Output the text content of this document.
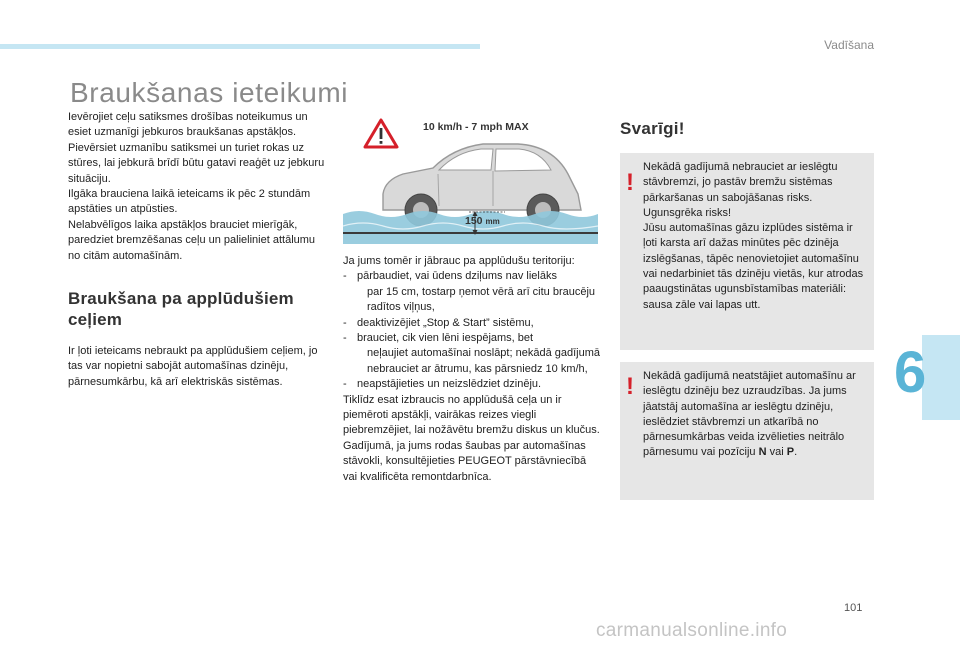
Vadīšana
6
Braukšanas ieteikumi

Ievērojiet ceļu satiksmes drošības noteikumus un esiet uzmanīgi jebkuros braukšanas apstākļos.

Pievērsiet uzmanību satiksmei un turiet rokas uz stūres, lai jebkurā brīdī būtu gatavi reaģēt uz jebkuru situāciju.

Ilgāka brauciena laikā ieteicams ik pēc 2 stundām apstāties un atpūsties.

Nelabvēlīgos laika apstākļos brauciet mierīgāk, paredziet bremzēšanas ceļu un palieliniet attālumu no citām automašīnām.

Braukšana pa applūdušiem ceļiem

Ir ļoti ieteicams nebraukt pa applūdušiem ceļiem, jo tas var nopietni sabojāt automašīnas dzinēju, pārnesumkārbu, kā arī elektriskās sistēmas.

10 km/h - 7 mph MAX
150 mm

Ja jums tomēr ir jābrauc pa applūdušu teritoriju:

- pārbaudiet, vai ūdens dziļums nav lielāks
par 15 cm, tostarp ņemot vērā arī citu braucēju radītos viļņus,
- deaktivizējiet „Stop & Start” sistēmu,
- brauciet, cik vien lēni iespējams, bet
neļaujiet automašīnai noslāpt; nekādā gadījumā nebrauciet ar ātrumu, kas pārsniedz 10 km/h,
- neapstājieties un neizslēdziet dzinēju.

Tiklīdz esat izbraucis no applūdušā ceļa un ir piemēroti apstākļi, vairākas reizes viegli piebremzējiet, lai nožāvētu bremžu diskus un klučus.

Gadījumā, ja jums rodas šaubas par automašīnas stāvokli, konsultējieties PEUGEOT pārstāvniecībā vai kvalificēta remontdarbnīca.

Svarīgi!
!

Nekādā gadījumā nebrauciet ar ieslēgtu stāvbremzi, jo pastāv bremžu sistēmas pārkaršanas un sabojāšanas risks. Ugunsgrēka risks!

Jūsu automašīnas gāzu izplūdes sistēma ir ļoti karsta arī dažas minūtes pēc dzinēja izslēgšanas, tāpēc nenovietojiet automašīnu vai nedarbiniet tās dzinēju vietās, kur atrodas paaugstinātas ugunsbīstamības materiāli: sausa zāle vai lapas utt.

! Nekādā gadījumā neatstājiet automašīnu ar ieslēgtu dzinēju bez uzraudzības. Ja jums jāatstāj automašīna ar ieslēgtu dzinēju, ieslēdziet stāvbremzi un atkarībā no pārnesumkārbas veida izvēlieties neitrālo pārnesumu vai pozīciju N vai P.

101
carmanualsonline.info
